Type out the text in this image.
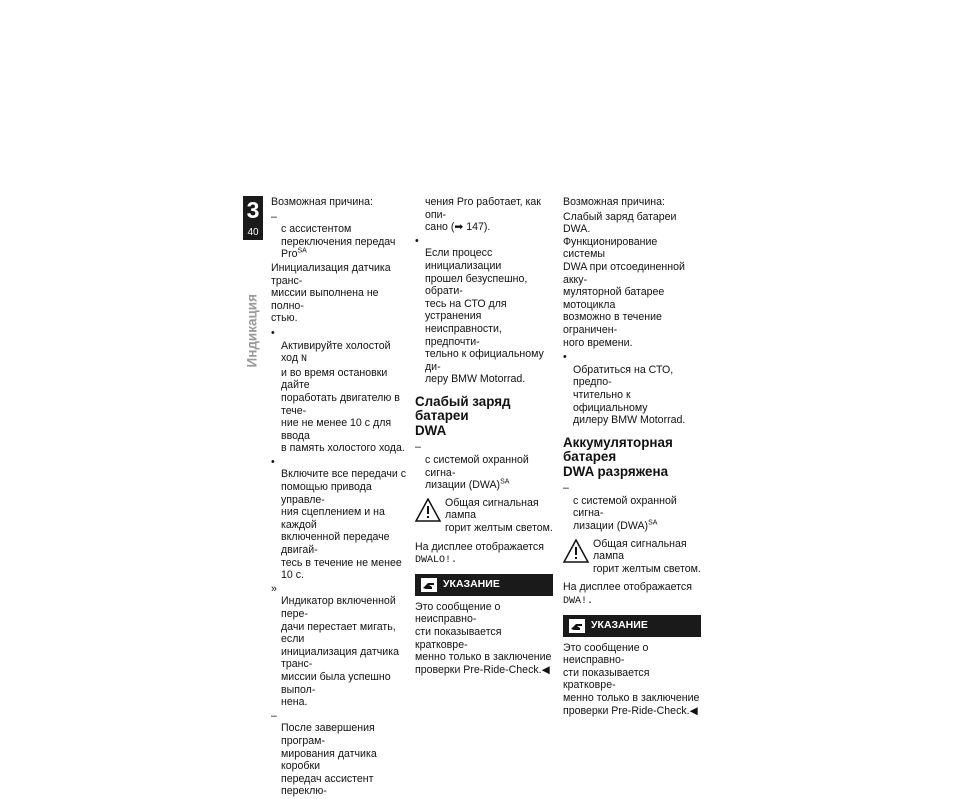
3
40
Индикация

Возможная причина:

–
с ассистентом переключения передач Pro$^{SA}$

Инициализация датчика транс-
миссии выполнена не полно-
стью.

•
Активируйте холостой ход N
и во время остановки дайте
поработать двигателю в тече-
ние не менее 10 с для ввода
в память холостого хода.

•
Включите все передачи с
помощью привода управле-
ния сцеплением и на каждой
включенной передаче двигай-
тесь в течение не менее 10 с.

»
Индикатор включенной пере-
дачи перестает мигать, если
инициализация датчика транс-
миссии была успешно выпол-
нена.

–
После завершения програм-
мирования датчика коробки
передач ассистент переклю-

чения Pro работает, как опи-
сано (➡ 147).

•
Если процесс инициализации
прошел безуспешно, обрати-
тесь на СТО для устранения
неисправности, предпочти-
тельно к официальному ди-
леру BMW Motorrad.

Слабый заряд батареи
DWA

–
с системой охранной сигна-
лизации (DWA)$^{SA}$

Общая сигнальная лампа
горит желтым светом.

На дисплее отображается

DWALO!.

УКАЗАНИЕ

Это сообщение о неисправно-
сти показывается кратковре-
менно только в заключение
проверки Pre-Ride-Check.◀

Возможная причина:

Слабый заряд батареи DWA.
Функционирование системы
DWA при отсоединенной акку-
муляторной батарее мотоцикла
возможно в течение ограничен-
ного времени.

•
Обратиться на СТО, предпо-
чтительно к официальному
дилеру BMW Motorrad.

Аккумуляторная батарея
DWA разряжена

–
с системой охранной сигна-
лизации (DWA)$^{SA}$

Общая сигнальная лампа
горит желтым светом.

На дисплее отображается DWA!.

УКАЗАНИЕ

Это сообщение о неисправно-
сти показывается кратковре-
менно только в заключение
проверки Pre-Ride-Check.◀
